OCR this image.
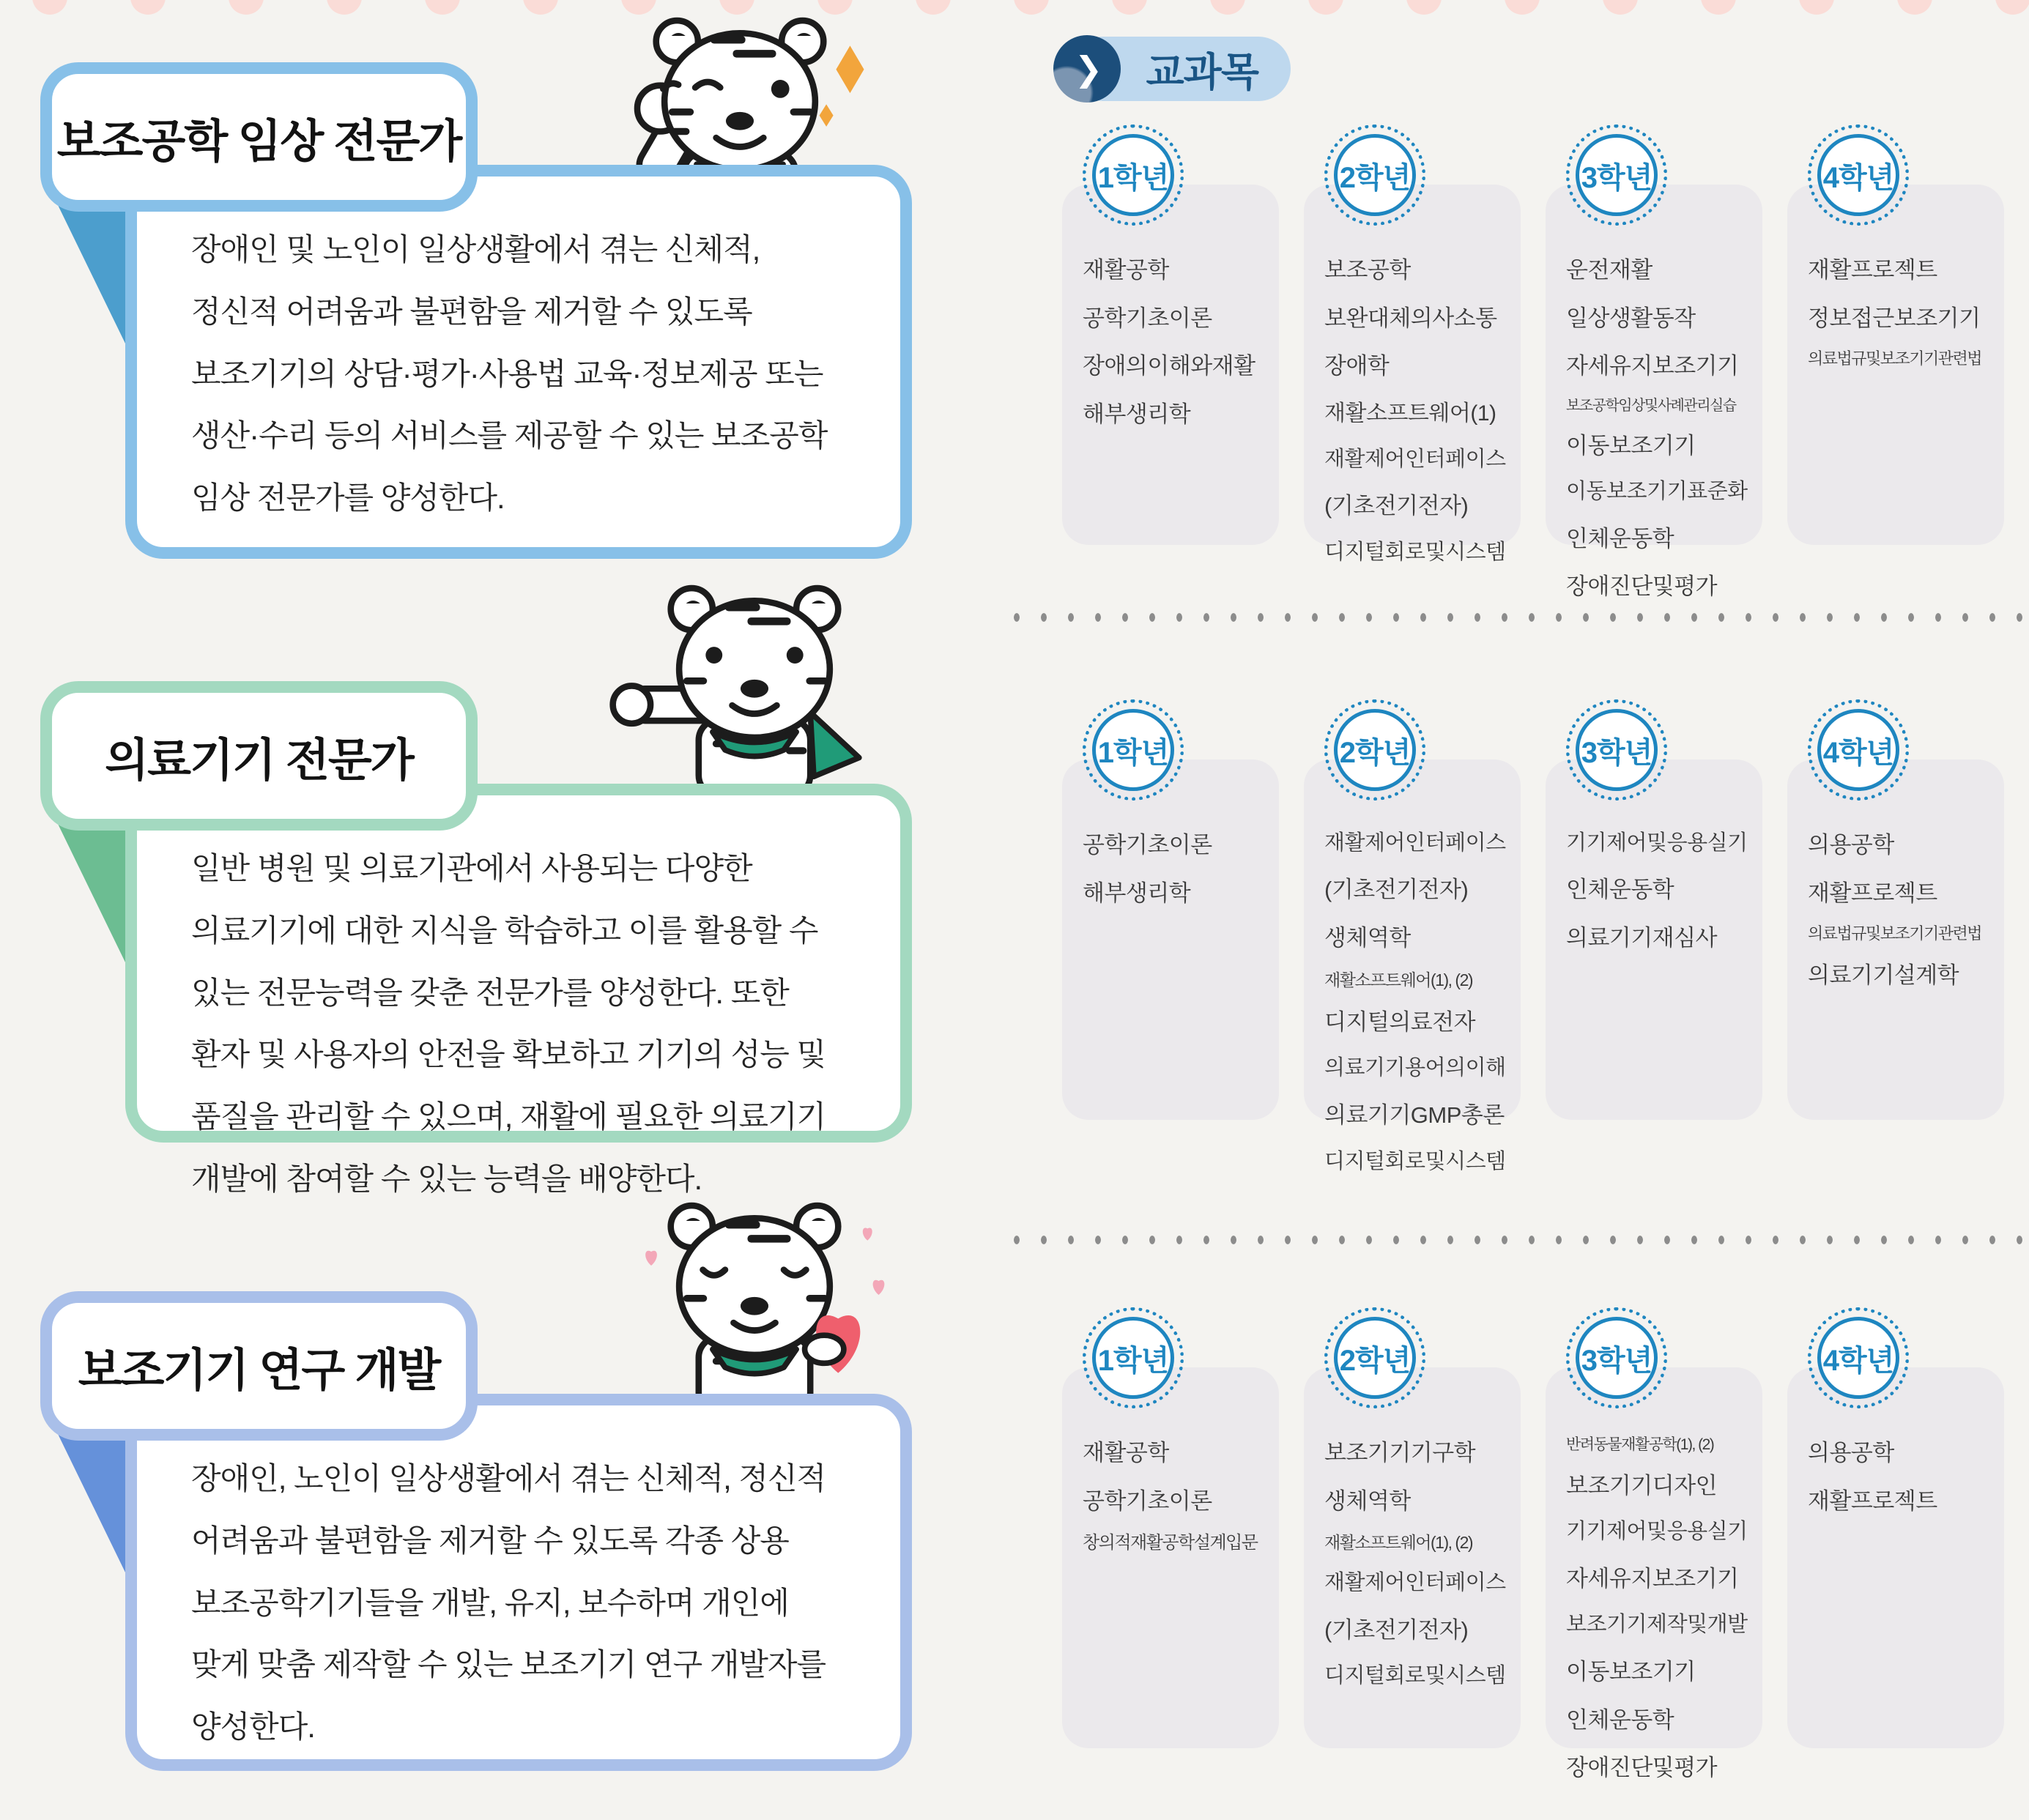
장애인 및 노인이 일상생활에서 겪는 신체적, 정신적 어려움과 불편함을 제거할 수 있도록 보조기기의 상담·평가·사용법 교육·정보제공 또는 생산·수리 등의 서비스를 제공할 수 있는 보조공학 임상 전문가를 양성한다.
보조공학 임상 전문가
일반 병원 및 의료기관에서 사용되는 다양한 의료기기에 대한 지식을 학습하고 이를 활용할 수 있는 전문능력을 갖춘 전문가를 양성한다. 또한 환자 및 사용자의 안전을 확보하고 기기의 성능 및 품질을 관리할 수 있으며, 재활에 필요한 의료기기 개발에 참여할 수 있는 능력을 배양한다.
의료기기 전문가
장애인, 노인이 일상생활에서 겪는 신체적, 정신적 어려움과 불편함을 제거할 수 있도록 각종 상용 보조공학기기들을 개발, 유지, 보수하며 개인에 맞게 맞춤 제작할 수 있는 보조기기 연구 개발자를 양성한다.
보조기기 연구 개발
교과목
❯
1학년
재활공학
공학기초이론
장애의이해와재활
해부생리학
2학년
보조공학
보완대체의사소통
장애학
재활소프트웨어(1)
재활제어인터페이스
(기초전기전자)
디지털회로및시스템
3학년
운전재활
일상생활동작
자세유지보조기기
보조공학임상및사례관리실습
이동보조기기
이동보조기기표준화
인체운동학
장애진단및평가
4학년
재활프로젝트
정보접근보조기기
의료법규및보조기기관련법
1학년
공학기초이론
해부생리학
2학년
재활제어인터페이스
(기초전기전자)
생체역학
재활소프트웨어(1), (2)
디지털의료전자
의료기기용어의이해
의료기기GMP총론
디지털회로및시스템
3학년
기기제어및응용실기
인체운동학
의료기기재심사
4학년
의용공학
재활프로젝트
의료법규및보조기기관련법
의료기기설계학
1학년
재활공학
공학기초이론
창의적재활공학설계입문
2학년
보조기기기구학
생체역학
재활소프트웨어(1), (2)
재활제어인터페이스
(기초전기전자)
디지털회로및시스템
3학년
반려동물재활공학(1), (2)
보조기기디자인
기기제어및응용실기
자세유지보조기기
보조기기제작및개발
이동보조기기
인체운동학
장애진단및평가
4학년
의용공학
재활프로젝트
